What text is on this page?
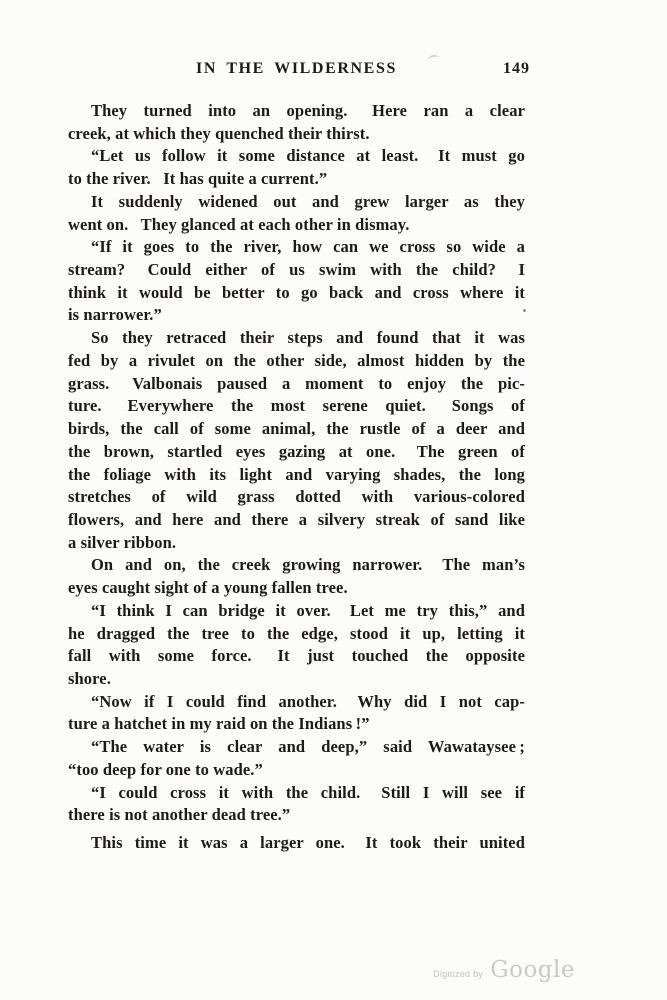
IN THE WILDERNESS	149
They turned into an opening.  Here ran a clear
creek, at which they quenched their thirst.
“Let us follow it some distance at least.  It must go
to the river.  It has quite a current.”
It suddenly widened out and grew larger as they
went on.  They glanced at each other in dismay.
“If it goes to the river, how can we cross so wide a
stream?  Could either of us swim with the child?  I
think it would be better to go back and cross where it
is narrower.”
So they retraced their steps and found that it was
fed by a rivulet on the other side, almost hidden by the
grass.  Valbonais paused a moment to enjoy the pic-
ture.  Everywhere the most serene quiet.  Songs of
birds, the call of some animal, the rustle of a deer and
the brown, startled eyes gazing at one.  The green of
the foliage with its light and varying shades, the long
stretches of wild grass dotted with various-colored
flowers, and here and there a silvery streak of sand like
a silver ribbon.
On and on, the creek growing narrower.  The man’s
eyes caught sight of a young fallen tree.
“I think I can bridge it over.  Let me try this,” and
he dragged the tree to the edge, stood it up, letting it
fall with some force.  It just touched the opposite
shore.
“Now if I could find another.  Why did I not cap-
ture a hatchet in my raid on the Indians !”
“The water is clear and deep,” said Wawataysee ;
“too deep for one to wade.”
“I could cross it with the child.  Still I will see if
there is not another dead tree.”
This time it was a larger one.  It took their united
Digitized by Google
